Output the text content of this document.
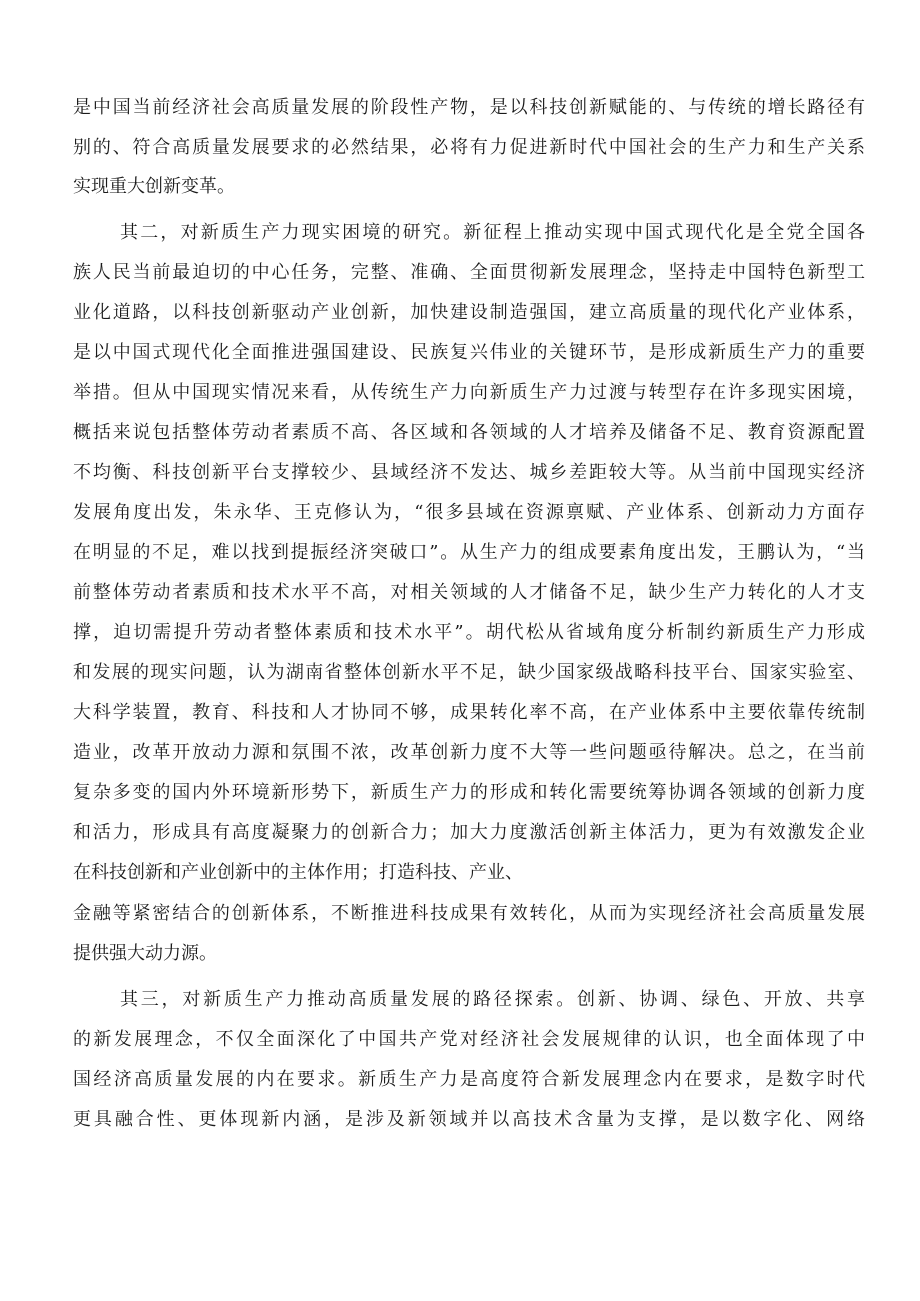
是中国当前经济社会高质量发展的阶段性产物，是以科技创新赋能的、与传统的增长路径有
别的、符合高质量发展要求的必然结果，必将有力促进新时代中国社会的生产力和生产关系
实现重大创新变革。
其二，对新质生产力现实困境的研究。新征程上推动实现中国式现代化是全党全国各
族人民当前最迫切的中心任务，完整、准确、全面贯彻新发展理念，坚持走中国特色新型工
业化道路，以科技创新驱动产业创新，加快建设制造强国，建立高质量的现代化产业体系，
是以中国式现代化全面推进强国建设、民族复兴伟业的关键环节，是形成新质生产力的重要
举措。但从中国现实情况来看，从传统生产力向新质生产力过渡与转型存在许多现实困境，
概括来说包括整体劳动者素质不高、各区域和各领域的人才培养及储备不足、教育资源配置
不均衡、科技创新平台支撑较少、县域经济不发达、城乡差距较大等。从当前中国现实经济
发展角度出发，朱永华、王克修认为，“很多县域在资源禀赋、产业体系、创新动力方面存
在明显的不足，难以找到提振经济突破口”。从生产力的组成要素角度出发，王鹏认为，“当
前整体劳动者素质和技术水平不高，对相关领域的人才储备不足，缺少生产力转化的人才支
撑，迫切需提升劳动者整体素质和技术水平”。胡代松从省域角度分析制约新质生产力形成
和发展的现实问题，认为湖南省整体创新水平不足，缺少国家级战略科技平台、国家实验室、
大科学装置，教育、科技和人才协同不够，成果转化率不高，在产业体系中主要依靠传统制
造业，改革开放动力源和氛围不浓，改革创新力度不大等一些问题亟待解决。总之，在当前
复杂多变的国内外环境新形势下，新质生产力的形成和转化需要统筹协调各领域的创新力度
和活力，形成具有高度凝聚力的创新合力；加大力度激活创新主体活力，更为有效激发企业
在科技创新和产业创新中的主体作用；打造科技、产业、
金融等紧密结合的创新体系，不断推进科技成果有效转化，从而为实现经济社会高质量发展
提供强大动力源。
其三，对新质生产力推动高质量发展的路径探索。创新、协调、绿色、开放、共享
的新发展理念，不仅全面深化了中国共产党对经济社会发展规律的认识，也全面体现了中
国经济高质量发展的内在要求。新质生产力是高度符合新发展理念内在要求，是数字时代
更具融合性、更体现新内涵，是涉及新领域并以高技术含量为支撑，是以数字化、网络
